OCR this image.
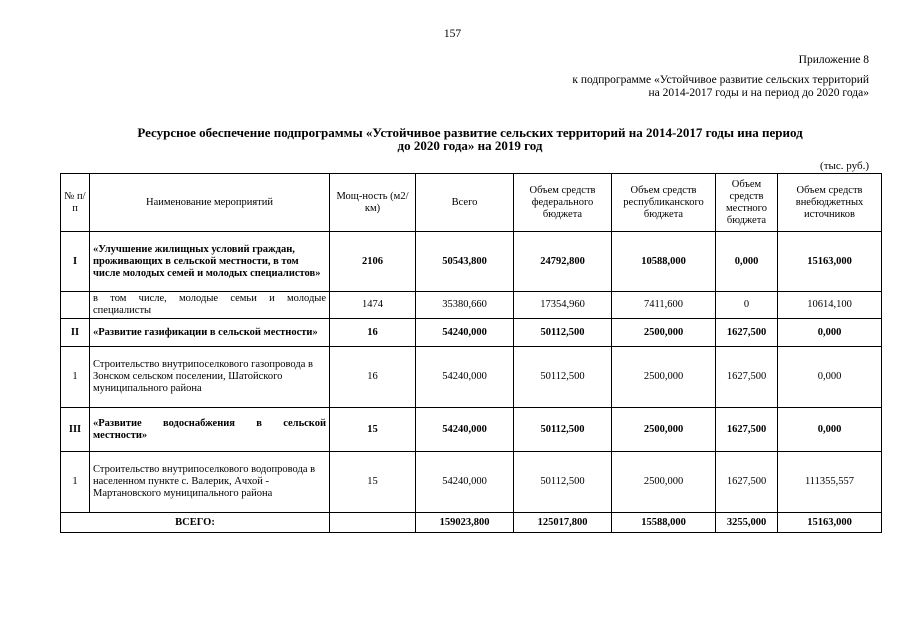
157
Приложение 8
к подпрограмме «Устойчивое развитие сельских территорий
на 2014-2017 годы и на период до 2020 года»
Ресурсное обеспечение подпрограммы «Устойчивое развитие сельских территорий на 2014-2017 годы ина период
до 2020 года» на 2019 год
(тыс. руб.)
№ п/п	Наименование мероприятий	Мощ-ность (м2/км)	Всего	Объем средств федерального бюджета	Объем средств республиканского бюджета	Объем средств местного бюджета	Объем средств внебюджетных источников
I	«Улучшение жилищных условий граждан, проживающих в сельской местности, в том числе молодых семей и молодых специалистов»	2106	50543,800	24792,800	10588,000	0,000	15163,000
	в том числе, молодые семьи и молодые специалисты	1474	35380,660	17354,960	7411,600	0	10614,100
II	«Развитие газификации в сельской местности»	16	54240,000	50112,500	2500,000	1627,500	0,000
1	Строительство внутрипоселкового газопровода в Зонском сельском поселении, Шатойского муниципального района	16	54240,000	50112,500	2500,000	1627,500	0,000
III	«Развитие водоснабжения в сельской местности»	15	54240,000	50112,500	2500,000	1627,500	0,000
1	Строительство внутрипоселкового водопровода в населенном пункте с. Валерик, Ачхой - Мартановского муниципального района	15	54240,000	50112,500	2500,000	1627,500	111355,557
ВСЕГО:			159023,800	125017,800	15588,000	3255,000	15163,000
